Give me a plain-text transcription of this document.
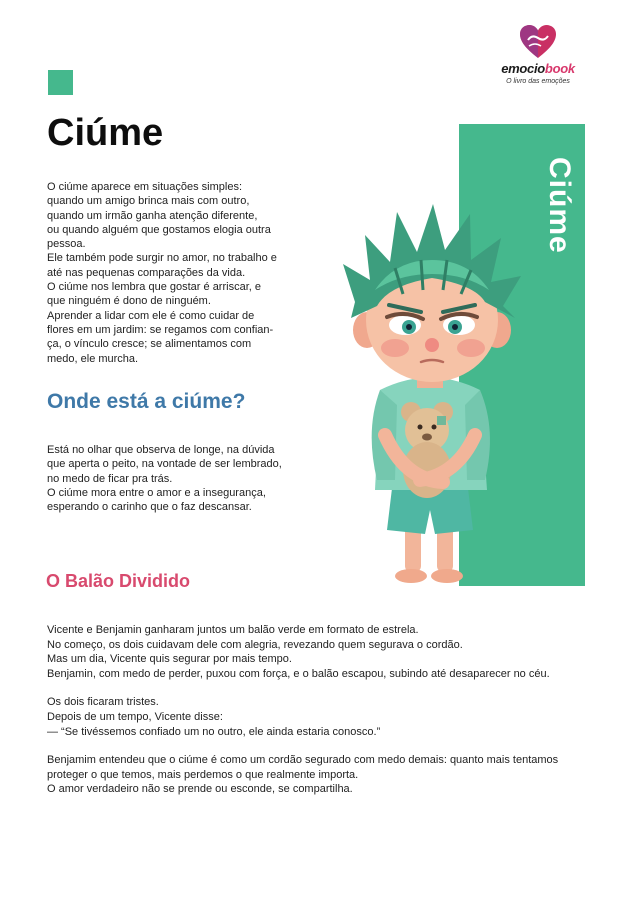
emociobook
O livro das emoções
Ciúme
O ciúme aparece em situações simples:
quando um amigo brinca mais com outro,
quando um irmão ganha atenção diferente,
ou quando alguém que gostamos elogia outra
pessoa.
Ele também pode surgir no amor, no trabalho e
até nas pequenas comparações da vida.
O ciúme nos lembra que gostar é arriscar, e
que ninguém é dono de ninguém.
Aprender a lidar com ele é como cuidar de
flores em um jardim: se regamos com confian-
ça, o vínculo cresce; se alimentamos com
medo, ele murcha.
Onde está a ciúme?
Está no olhar que observa de longe, na dúvida
que aperta o peito, na vontade de ser lembrado,
no medo de ficar pra trás.
O ciúme mora entre o amor e a insegurança,
esperando o carinho que o faz descansar.
Ciúme
O Balão Dividido

Vicente e Benjamin ganharam juntos um balão verde em formato de estrela.
No começo, os dois cuidavam dele com alegria, revezando quem segurava o cordão.
Mas um dia, Vicente quis segurar por mais tempo.
Benjamin, com medo de perder, puxou com força, e o balão escapou, subindo até desaparecer no céu.

Os dois ficaram tristes.
Depois de um tempo, Vicente disse:
— “Se tivéssemos confiado um no outro, ele ainda estaria conosco.”

Benjamim entendeu que o ciúme é como um cordão segurado com medo demais: quanto mais tentamos proteger o que temos, mais perdemos o que realmente importa.
O amor verdadeiro não se prende ou esconde, se compartilha.
